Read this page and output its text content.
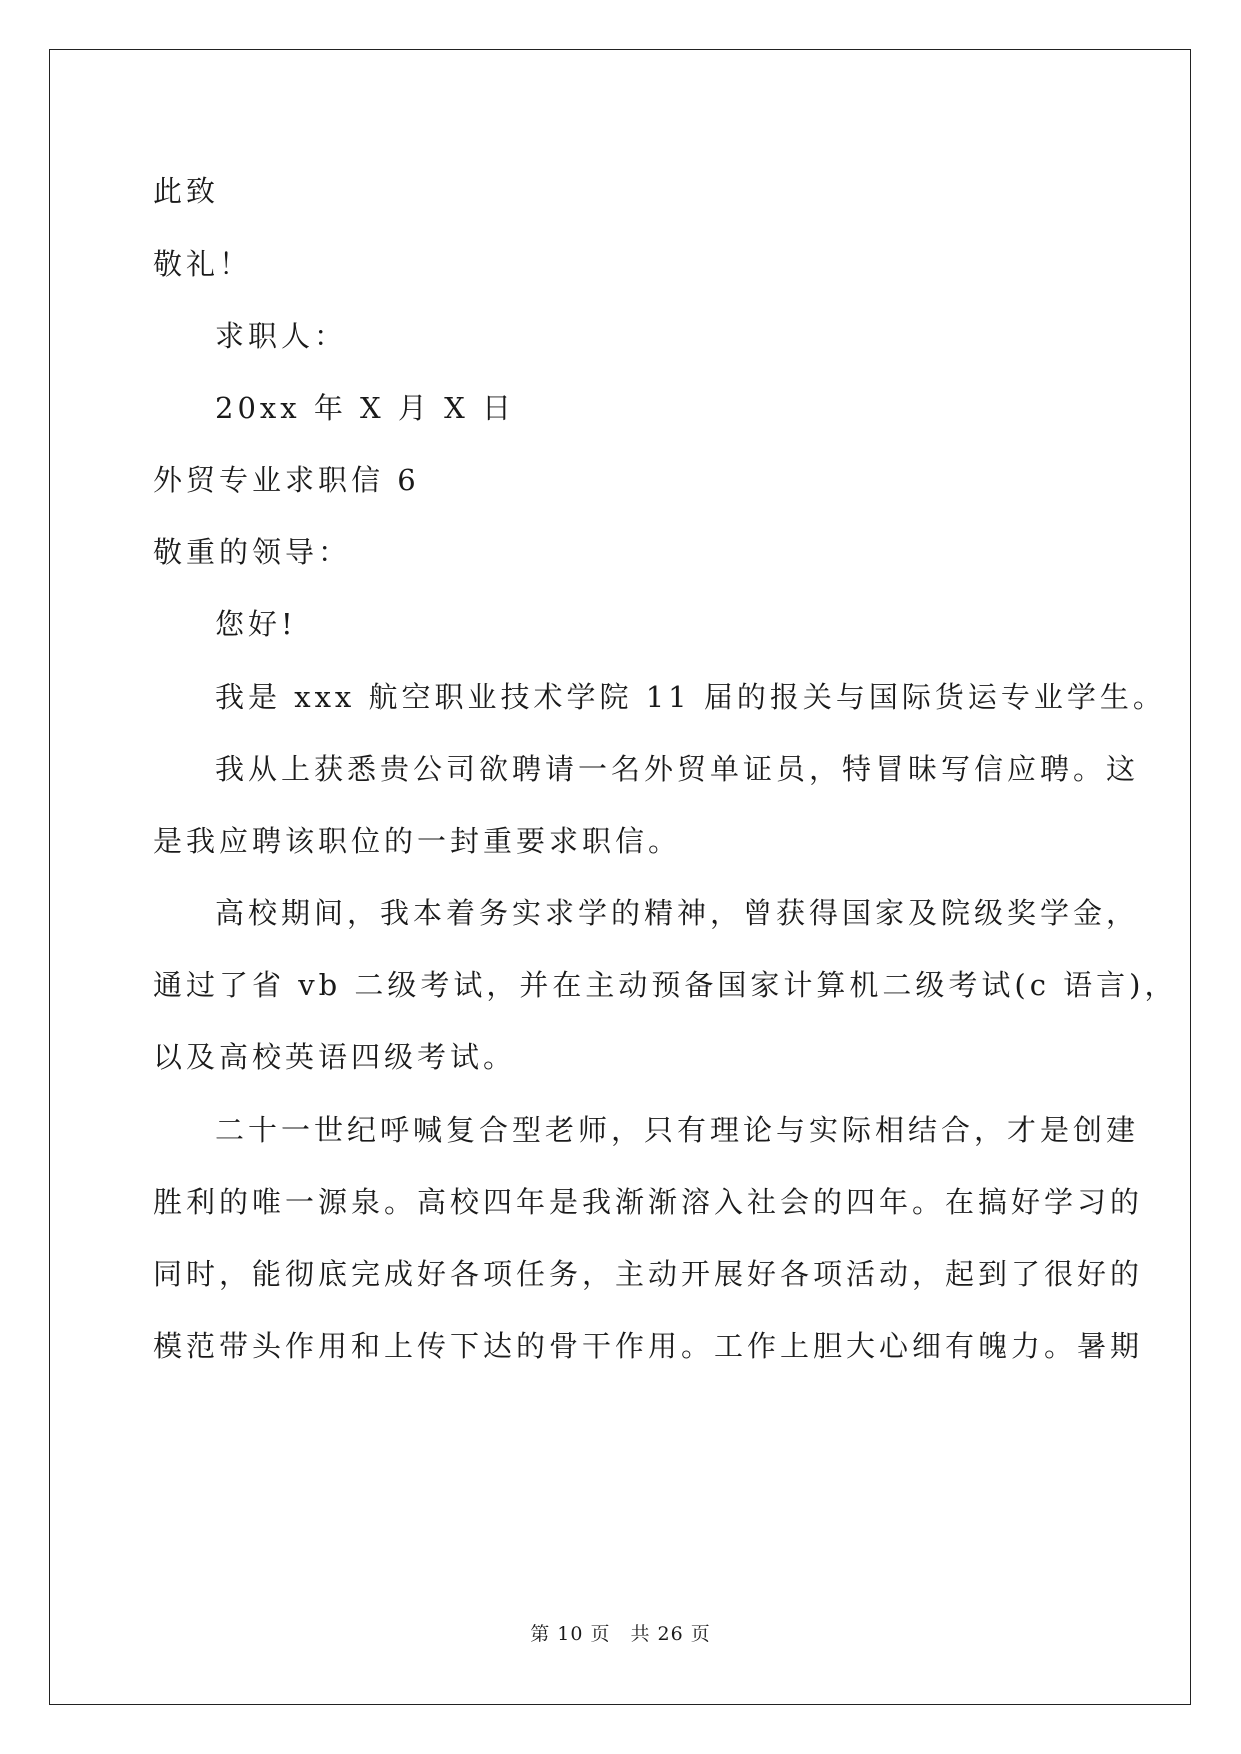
此致
敬礼！
求职人：
20xx 年 X 月 X 日
外贸专业求职信 6
敬重的领导：
您好!
我是 xxx 航空职业技术学院 11 届的报关与国际货运专业学生。
我从上获悉贵公司欲聘请一名外贸单证员，特冒昧写信应聘。这
是我应聘该职位的一封重要求职信。
高校期间，我本着务实求学的精神，曾获得国家及院级奖学金，
通过了省 vb 二级考试，并在主动预备国家计算机二级考试(c 语言)，
以及高校英语四级考试。
二十一世纪呼喊复合型老师，只有理论与实际相结合，才是创建
胜利的唯一源泉。高校四年是我渐渐溶入社会的四年。在搞好学习的
同时，能彻底完成好各项任务，主动开展好各项活动，起到了很好的
模范带头作用和上传下达的骨干作用。工作上胆大心细有魄力。暑期
第 10 页　共 26 页
